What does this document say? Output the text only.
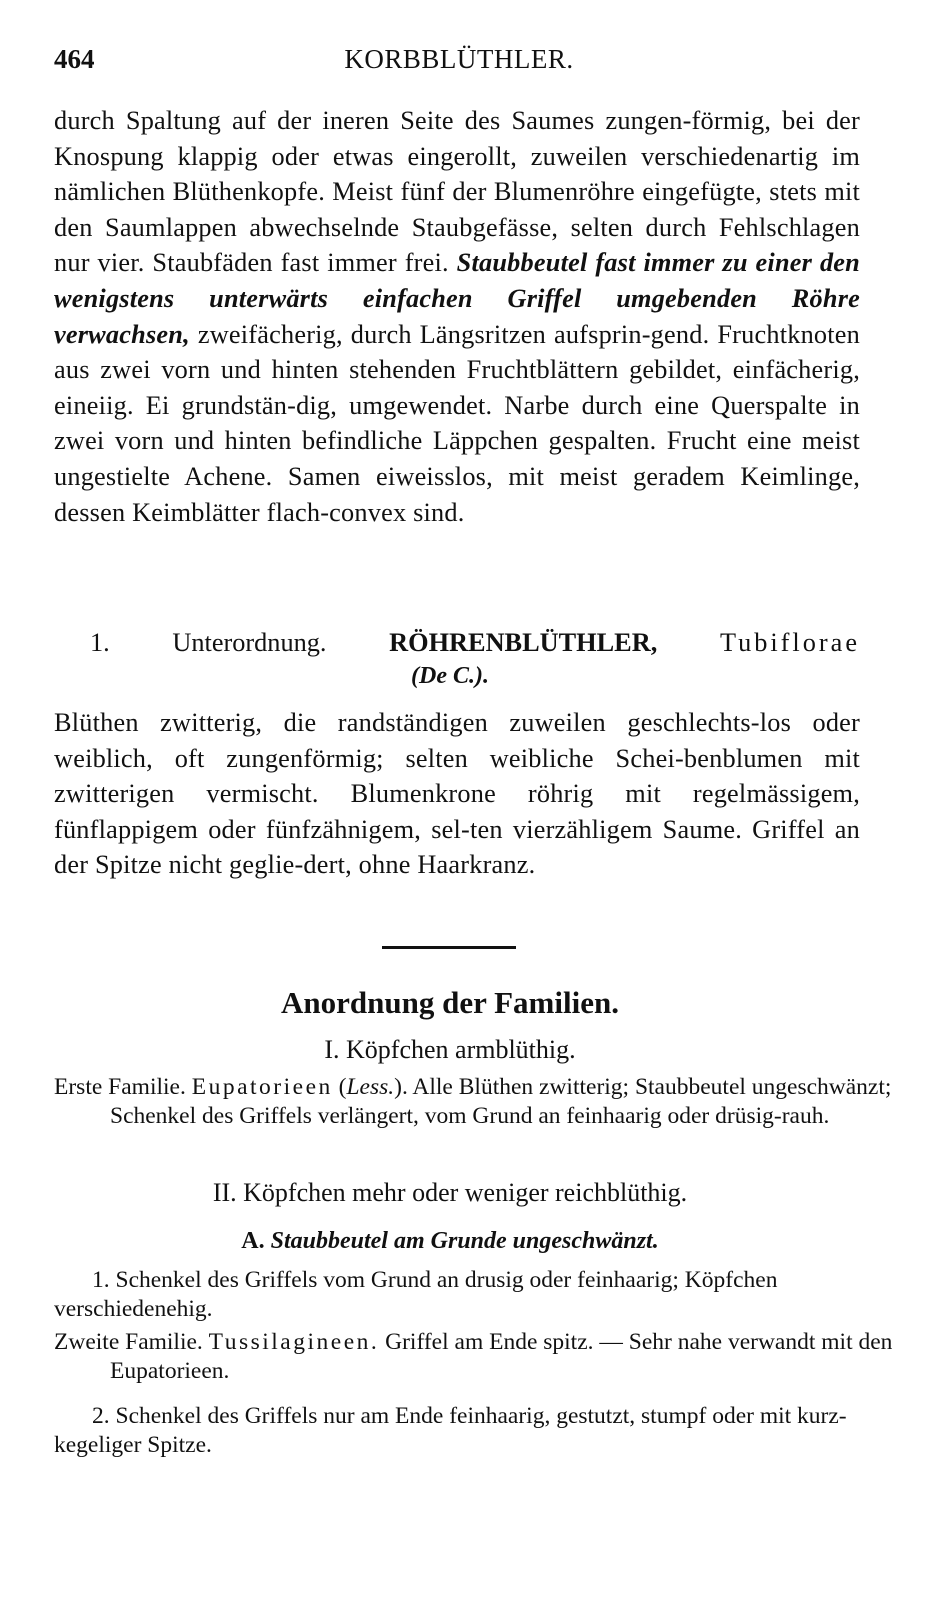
464	KORBBLÜTHLER.

durch Spaltung auf der ineren Seite des Saumes zungen-förmig, bei der Knospung klappig oder etwas eingerollt, zuweilen verschiedenartig im nämlichen Blüthenkopfe. Meist fünf der Blumenröhre eingefügte, stets mit den Saumlappen abwechselnde Staubgefässe, selten durch Fehlschlagen nur vier. Staubfäden fast immer frei. Staubbeutel fast immer zu einer den wenigstens unterwärts einfachen Griffel umgebenden Röhre verwachsen, zweifächerig, durch Längsritzen aufsprin-gend. Fruchtknoten aus zwei vorn und hinten stehenden Fruchtblättern gebildet, einfächerig, eineiig. Ei grundstän-dig, umgewendet. Narbe durch eine Querspalte in zwei vorn und hinten befindliche Läppchen gespalten. Frucht eine meist ungestielte Achene. Samen eiweisslos, mit meist geradem Keimlinge, dessen Keimblätter flach-convex sind.

1. Unterordnung. RÖHRENBLÜTHLER, Tubiflorae
(De C.).

Blüthen zwitterig, die randständigen zuweilen geschlechts-los oder weiblich, oft zungenförmig; selten weibliche Schei-benblumen mit zwitterigen vermischt. Blumenkrone röhrig mit regelmässigem, fünflappigem oder fünfzähnigem, sel-ten vierzähligem Saume. Griffel an der Spitze nicht geglie-dert, ohne Haarkranz.

Anordnung der Familien.
I. Köpfchen armblüthig.

Erste Familie. Eupatorieen (Less.). Alle Blüthen zwitterig; Staubbeutel ungeschwänzt; Schenkel des Griffels verlängert, vom Grund an feinhaarig oder drüsig-rauh.

II. Köpfchen mehr oder weniger reichblüthig.
A. Staubbeutel am Grunde ungeschwänzt.

1. Schenkel des Griffels vom Grund an drusig oder feinhaarig; Köpfchen verschiedenehig.

Zweite Familie. Tussilagineen. Griffel am Ende spitz. — Sehr nahe verwandt mit den Eupatorieen.

2. Schenkel des Griffels nur am Ende feinhaarig, gestutzt, stumpf oder mit kurz-kegeliger Spitze.
